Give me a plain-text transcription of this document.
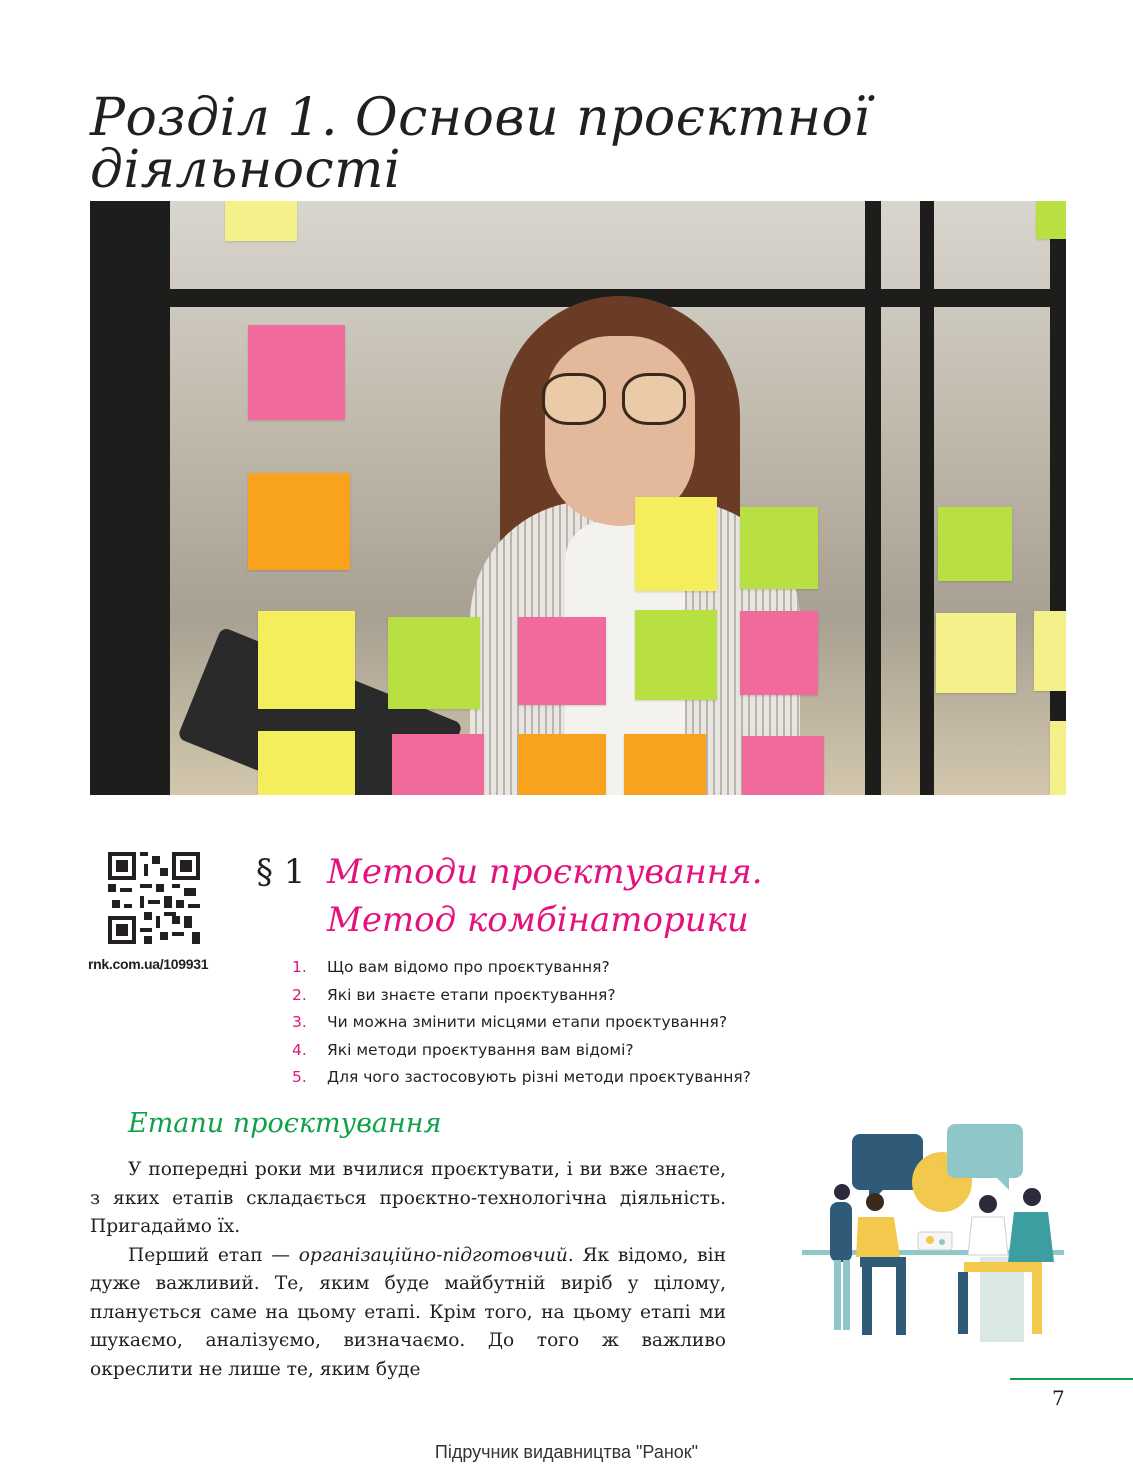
Розділ 1. Основи проєктної діяльності

rnk.com.ua/109931

§ 1 Методи проєктування.
Метод комбінаторики
1. Що вам відомо про проєктування?
2. Які ви знаєте етапи проєктування?
3. Чи можна змінити місцями етапи проєктування?
4. Які методи проєктування вам відомі?
5. Для чого застосовують різні методи проєктування?
Етапи проєктування

У попередні роки ми вчилися проєктувати, і ви вже знаєте, з яких етапів складається проєктно-технологічна діяльність. Пригадаймо їх.

Перший етап — організаційно-підготовчий. Як відомо, він дуже важливий. Те, яким буде майбутній виріб у цілому, планується саме на цьому етапі. Крім того, на цьому етапі ми шукаємо, аналізуємо, визначаємо. До того ж важливо окреслити не лише те, яким буде

7
Підручник видавництва "Ранок"
